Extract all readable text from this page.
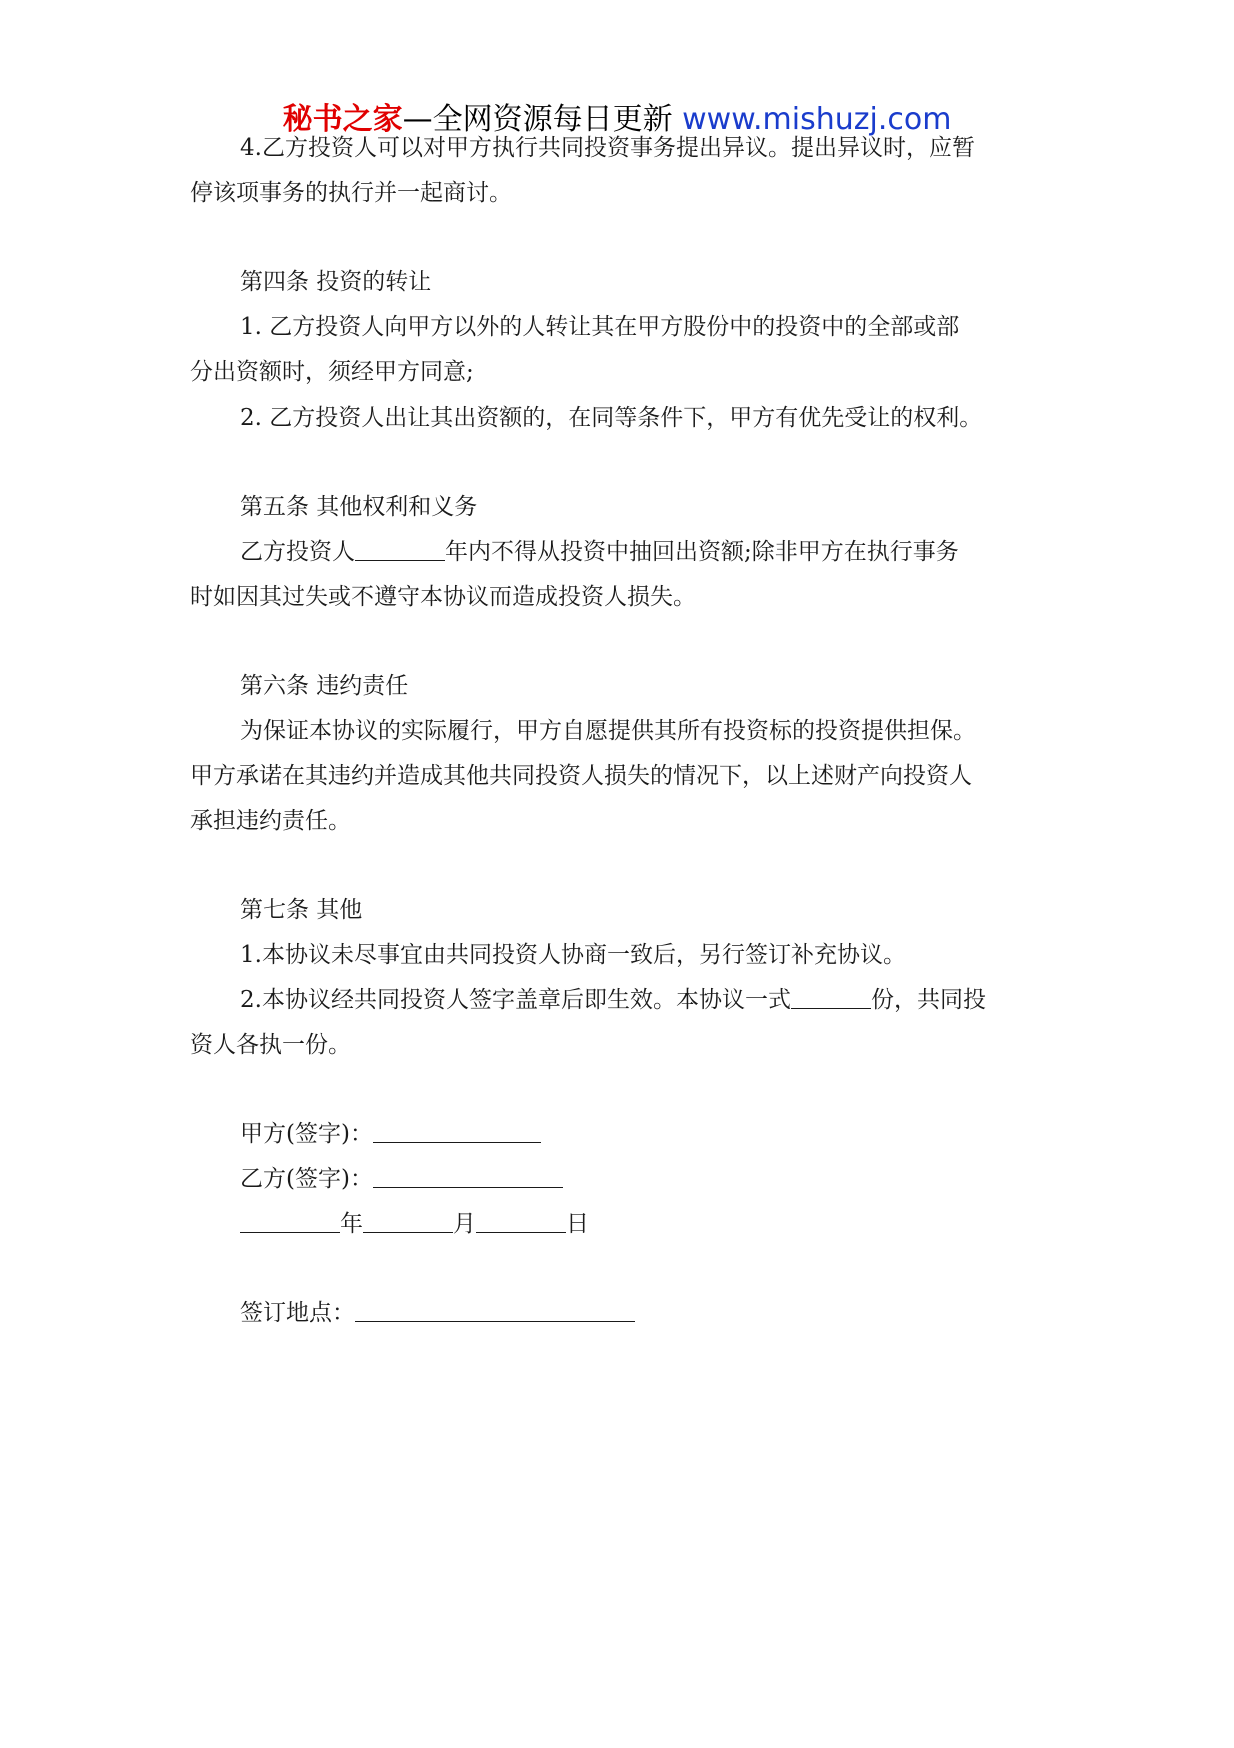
秘书之家—全网资源每日更新 www.mishuzj.com
4.乙方投资人可以对甲方执行共同投资事务提出异议。提出异议时，应暂
停该项事务的执行并一起商讨。
第四条 投资的转让
1. 乙方投资人向甲方以外的人转让其在甲方股份中的投资中的全部或部
分出资额时，须经甲方同意;
2. 乙方投资人出让其出资额的，在同等条件下，甲方有优先受让的权利。
第五条 其他权利和义务
乙方投资人	年内不得从投资中抽回出资额;除非甲方在执行事务
时如因其过失或不遵守本协议而造成投资人损失。
第六条 违约责任
为保证本协议的实际履行，甲方自愿提供其所有投资标的投资提供担保。
甲方承诺在其违约并造成其他共同投资人损失的情况下，以上述财产向投资人
承担违约责任。
第七条 其他
1.本协议未尽事宜由共同投资人协商一致后，另行签订补充协议。
2.本协议经共同投资人签字盖章后即生效。本协议一式	份，共同投
资人各执一份。
甲方(签字)：
乙方(签字)：
年	月	日
签订地点：
